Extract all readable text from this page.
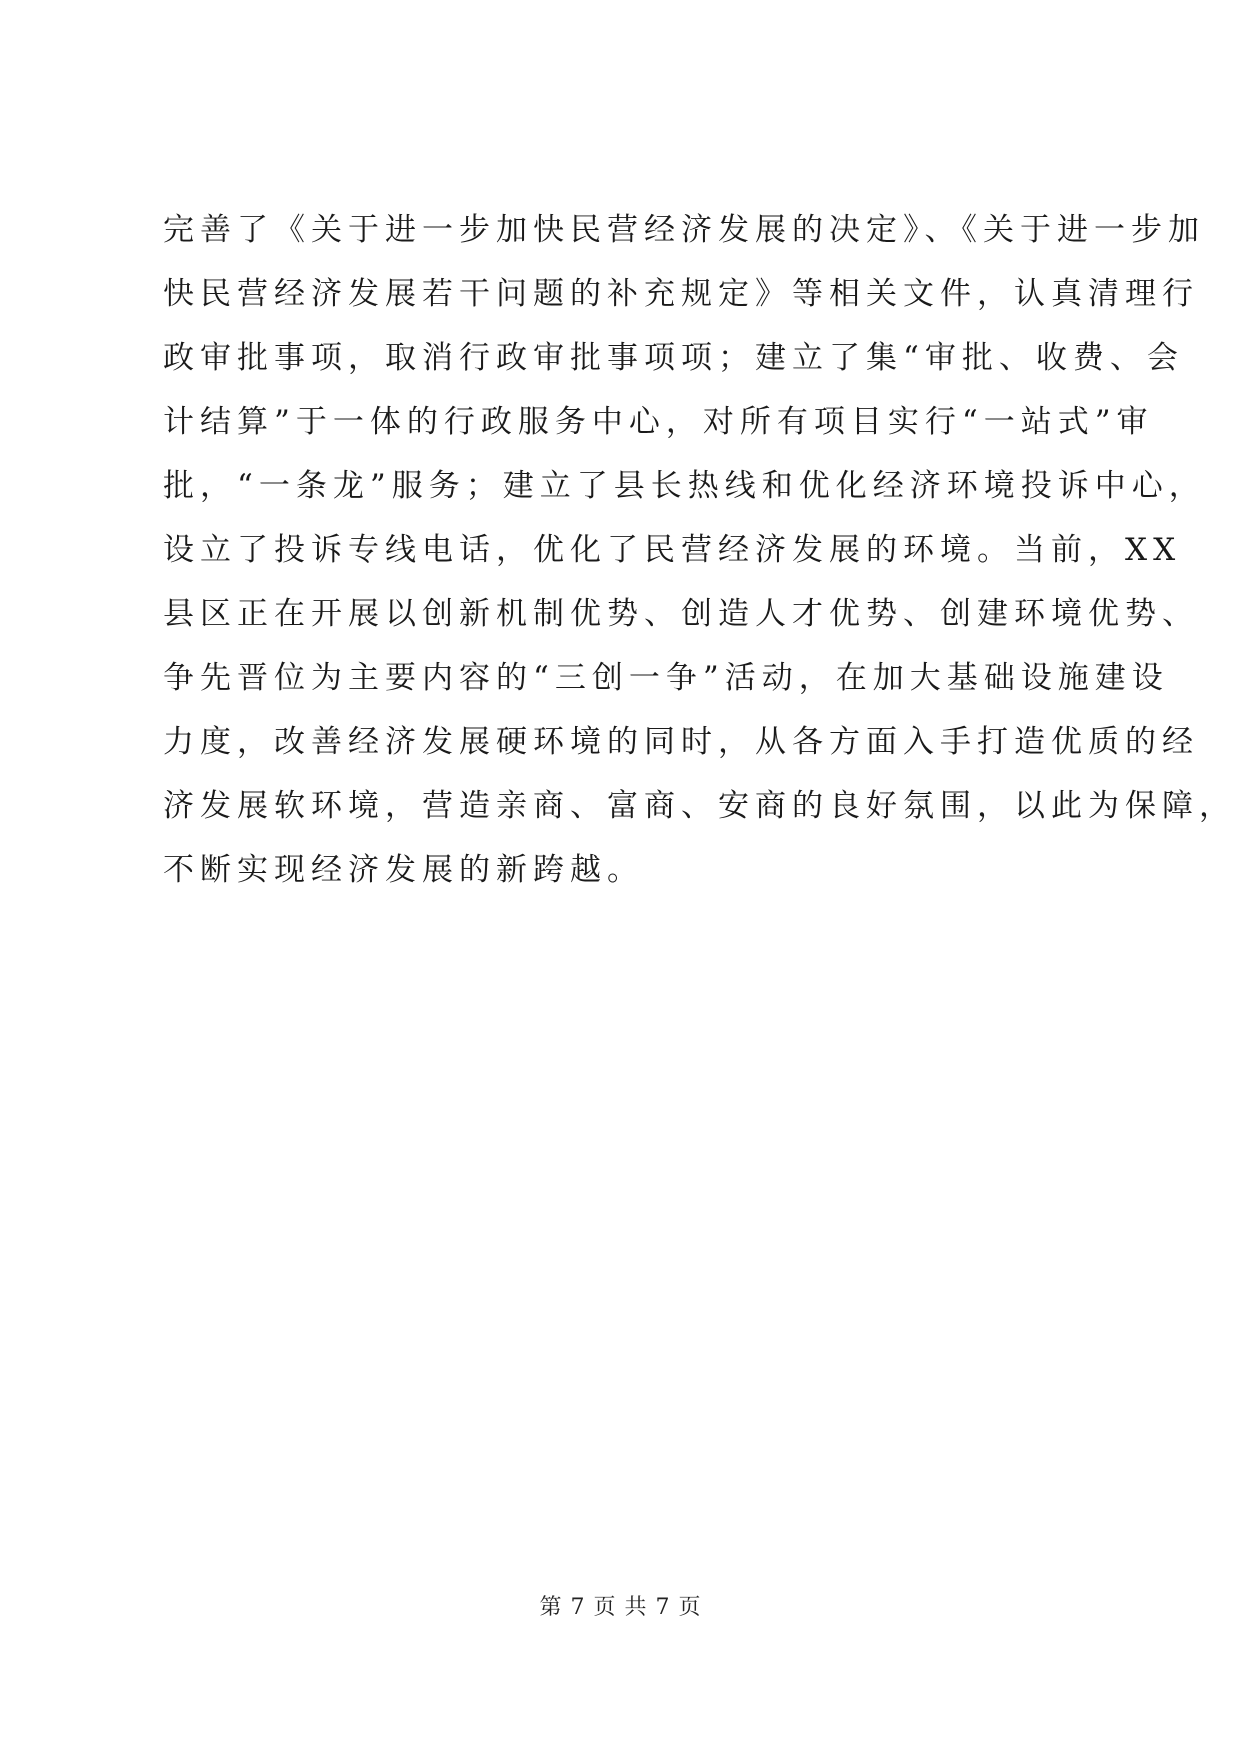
完善了《关于进一步加快民营经济发展的决定》、《关于进一步加
快民营经济发展若干问题的补充规定》等相关文件，认真清理行
政审批事项，取消行政审批事项项；建立了集“审批、收费、会
计结算”于一体的行政服务中心，对所有项目实行“一站式”审
批，“一条龙”服务；建立了县长热线和优化经济环境投诉中心，
设立了投诉专线电话，优化了民营经济发展的环境。当前，XX
县区正在开展以创新机制优势、创造人才优势、创建环境优势、
争先晋位为主要内容的“三创一争”活动，在加大基础设施建设
力度，改善经济发展硬环境的同时，从各方面入手打造优质的经
济发展软环境，营造亲商、富商、安商的良好氛围，以此为保障，
不断实现经济发展的新跨越。
第 7 页 共 7 页
